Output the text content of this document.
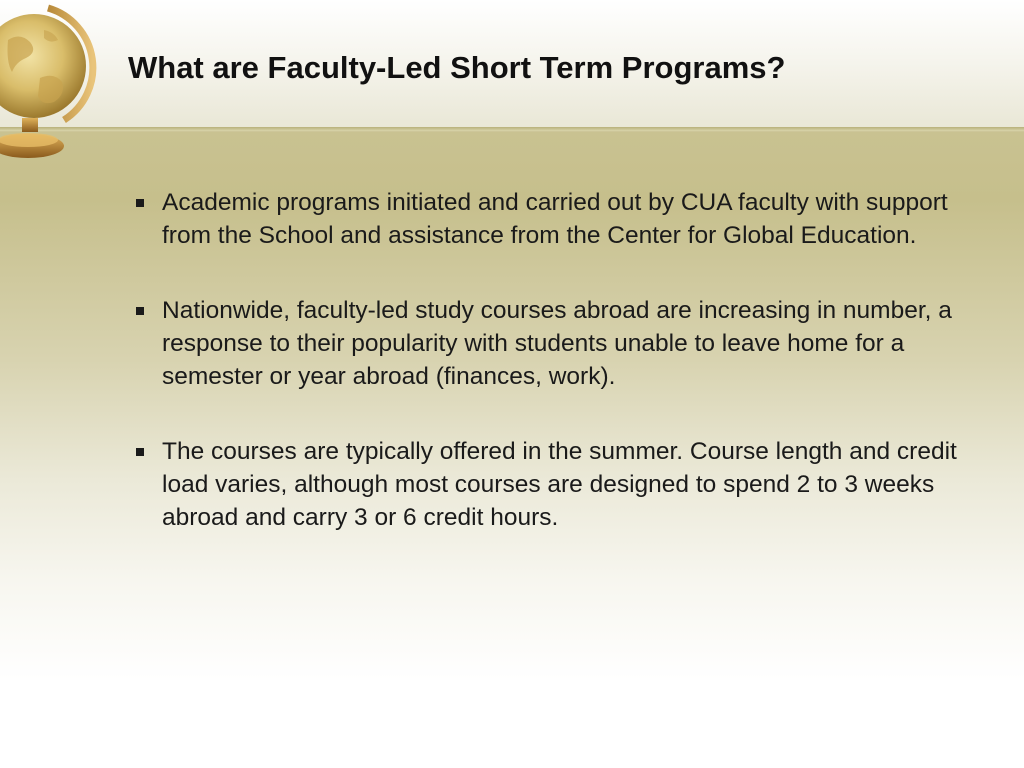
What are Faculty-Led Short Term Programs?
Academic programs initiated and carried out by CUA faculty with support from the School and assistance from the Center for Global Education.
Nationwide, faculty-led study courses abroad are increasing in number, a response to their popularity with students unable to leave home for a semester or year abroad (finances, work).
The courses are typically offered in the summer. Course length and credit load varies, although most courses are designed to spend 2 to 3 weeks abroad and carry 3 or 6 credit hours.
